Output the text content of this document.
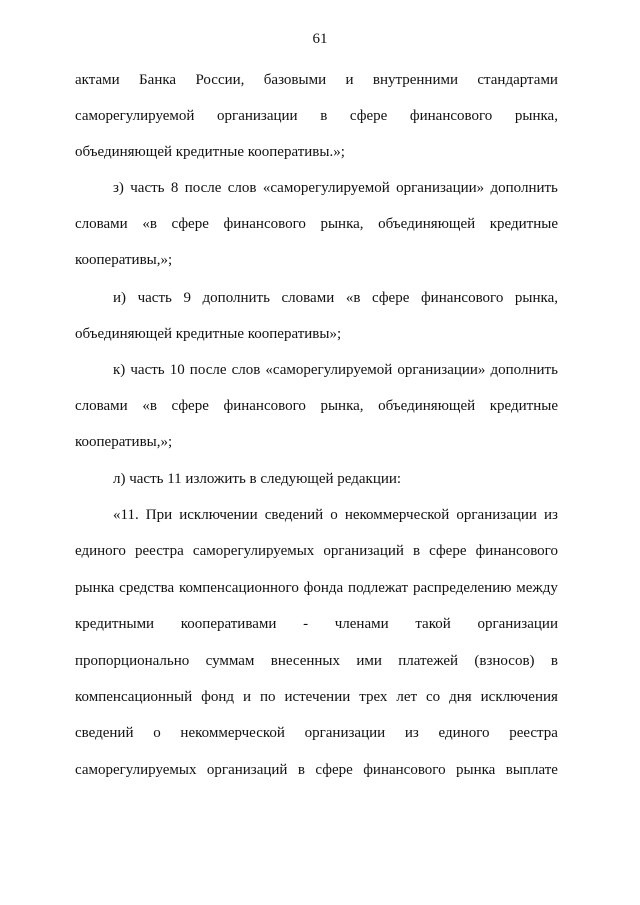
61
актами Банка России, базовыми и внутренними стандартами
саморегулируемой организации в сфере финансового рынка,
объединяющей кредитные кооперативы.»;
з) часть 8 после слов «саморегулируемой организации» дополнить
словами «в сфере финансового рынка, объединяющей кредитные
кооперативы,»;
и) часть 9 дополнить словами «в сфере финансового рынка,
объединяющей кредитные кооперативы»;
к) часть 10 после слов «саморегулируемой организации» дополнить
словами «в сфере финансового рынка, объединяющей кредитные
кооперативы,»;
л) часть 11 изложить в следующей редакции:
«11. При исключении сведений о некоммерческой организации из
единого реестра саморегулируемых организаций в сфере финансового
рынка средства компенсационного фонда подлежат распределению между
кредитными кооперативами - членами такой организации
пропорционально суммам внесенных ими платежей (взносов) в
компенсационный фонд и по истечении трех лет со дня исключения
сведений о некоммерческой организации из единого реестра
саморегулируемых организаций в сфере финансового рынка выплате
